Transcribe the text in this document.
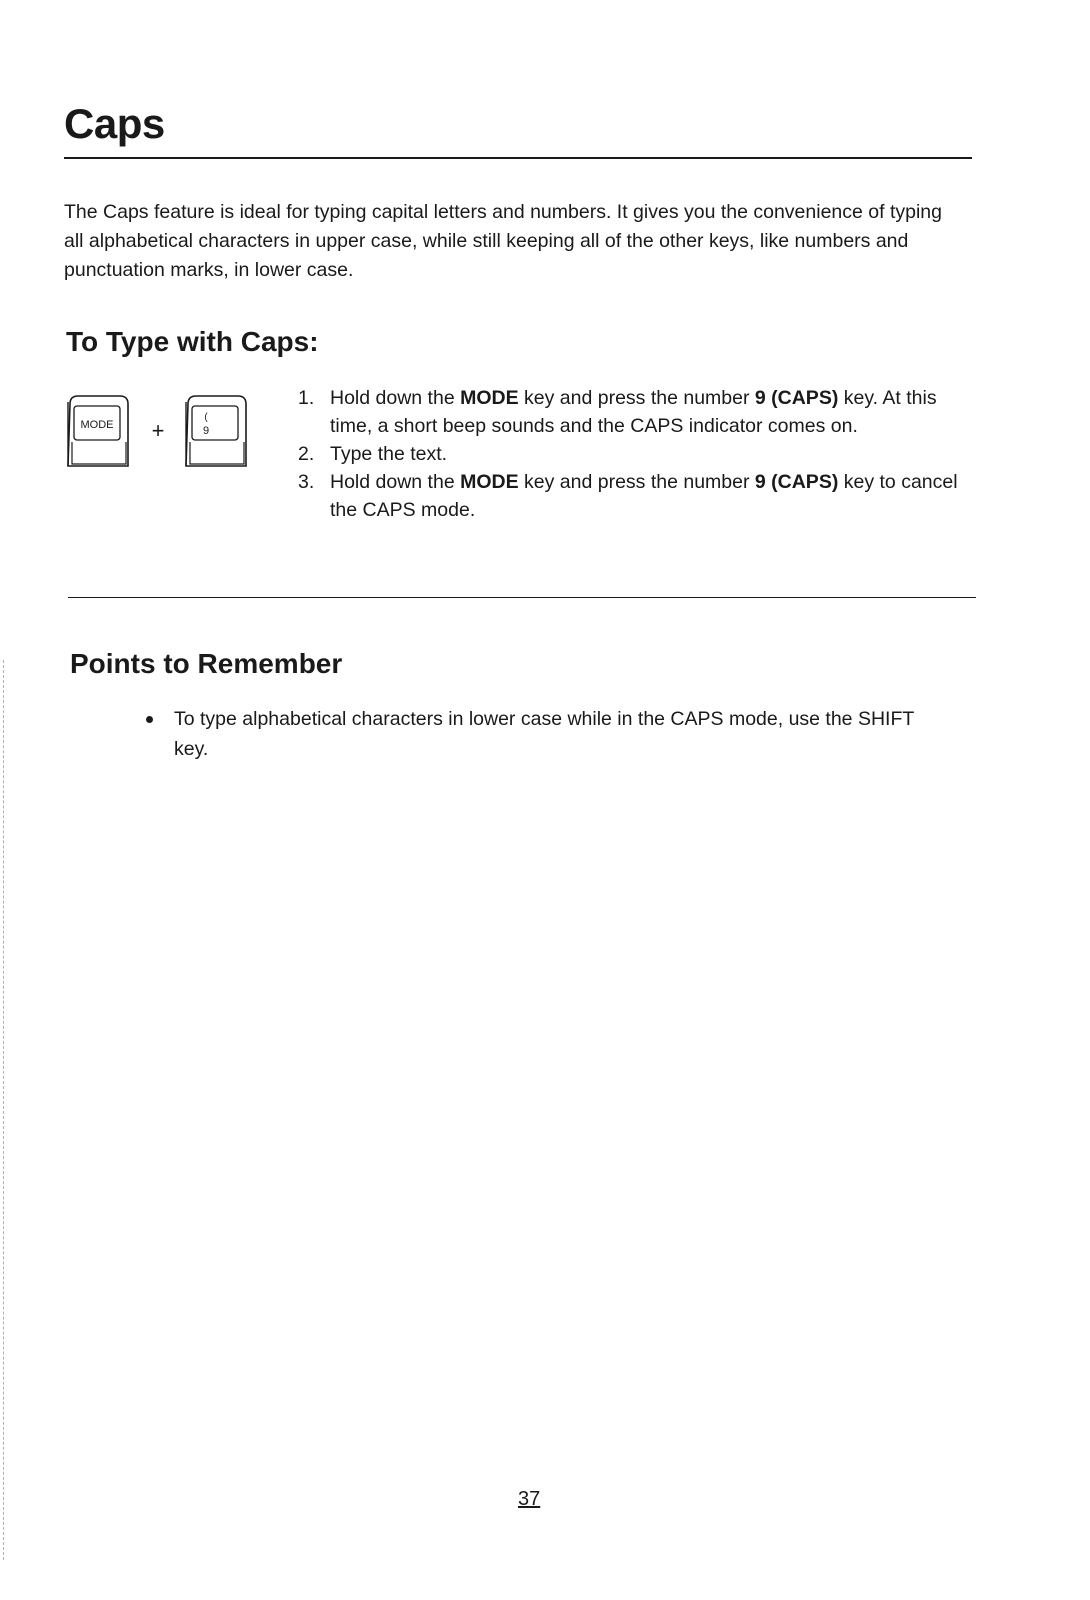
Caps

The Caps feature is ideal for typing capital letters and numbers. It gives you the convenience of typing all alphabetical characters in upper case, while still keeping all of the other keys, like numbers and punctuation marks, in lower case.

To Type with Caps:
MODE +
(
9
1. Hold down the MODE key and press the number 9 (CAPS) key. At this time, a short beep sounds and the CAPS indicator comes on.
2. Type the text.
3. Hold down the MODE key and press the number 9 (CAPS) key to cancel the CAPS mode.
Points to Remember
To type alphabetical characters in lower case while in the CAPS mode, use the SHIFT key.
37
